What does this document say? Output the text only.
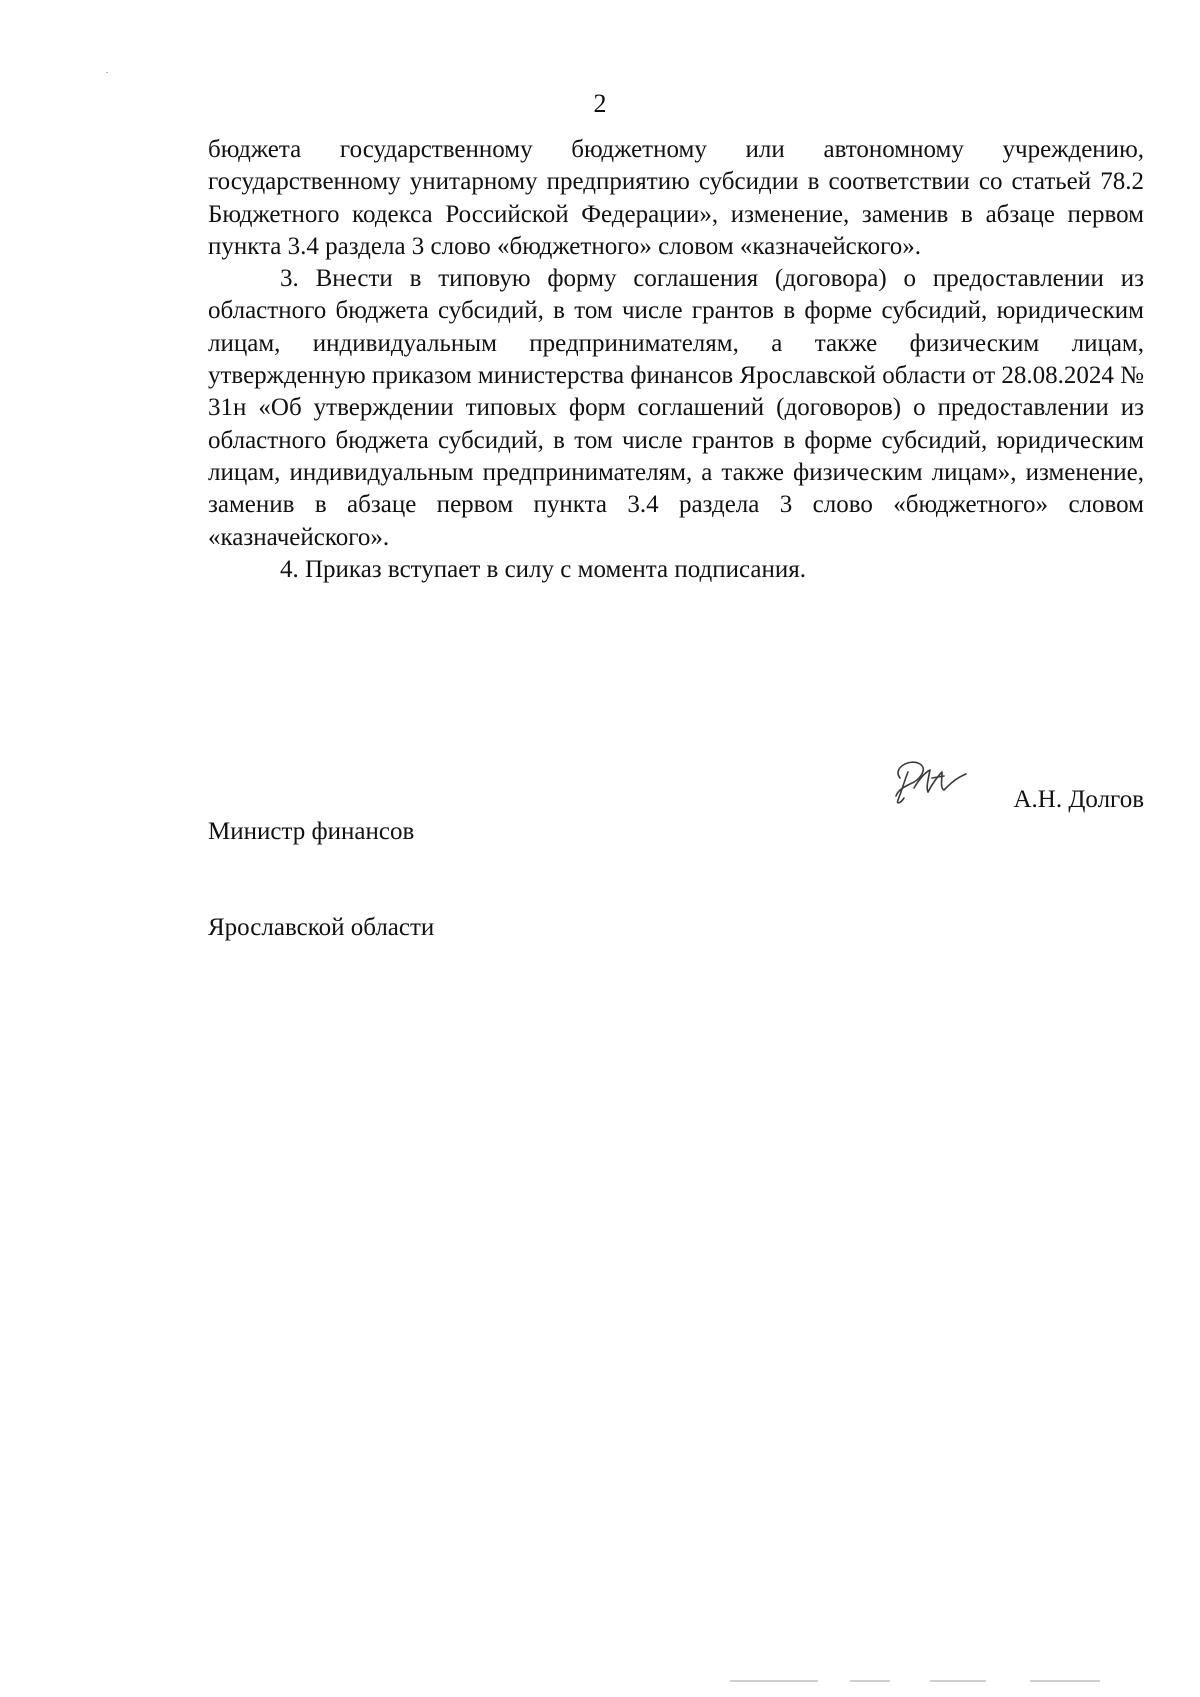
2

бюджета государственному бюджетному или автономному учреждению, государственному унитарному предприятию субсидии в соответствии со статьей 78.2 Бюджетного кодекса Российской Федерации», изменение, заменив в абзаце первом пункта 3.4 раздела 3 слово «бюджетного» словом «казначейского».

3. Внести в типовую форму соглашения (договора) о предоставлении из областного бюджета субсидий, в том числе грантов в форме субсидий, юридическим лицам, индивидуальным предпринимателям, а также физическим лицам, утвержденную приказом министерства финансов Ярославской области от 28.08.2024 № 31н «Об утверждении типовых форм соглашений (договоров) о предоставлении из областного бюджета субсидий, в том числе грантов в форме субсидий, юридическим лицам, индивидуальным предпринимателям, а также физическим лицам», изменение, заменив в абзаце первом пункта 3.4 раздела 3 слово «бюджетного» словом «казначейского».

4. Приказ вступает в силу с момента подписания.

Министр финансов

Ярославской области

А.Н. Долгов
